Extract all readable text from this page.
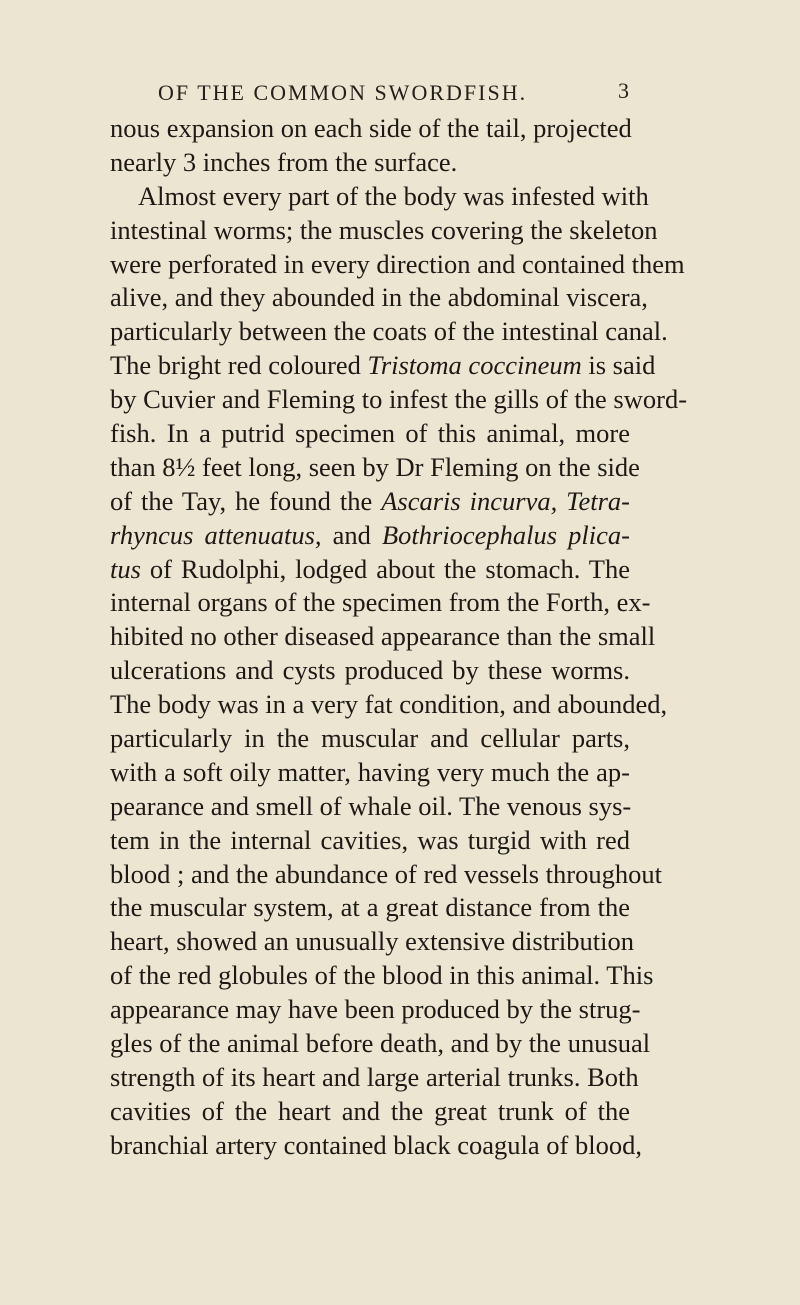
OF THE COMMON SWORDFISH.	3
nous expansion on each side of the tail, projected
nearly 3 inches from the surface.
Almost every part of the body was infested with
intestinal worms; the muscles covering the skeleton
were perforated in every direction and contained them
alive, and they abounded in the abdominal viscera,
particularly between the coats of the intestinal canal.
The bright red coloured Tristoma coccineum is said
by Cuvier and Fleming to infest the gills of the sword-
fish. In a putrid specimen of this animal, more
than 8½ feet long, seen by Dr Fleming on the side
of the Tay, he found the Ascaris incurva, Tetra-
rhyncus attenuatus, and Bothriocephalus plica-
tus of Rudolphi, lodged about the stomach. The
internal organs of the specimen from the Forth, ex-
hibited no other diseased appearance than the small
ulcerations and cysts produced by these worms.
The body was in a very fat condition, and abounded,
particularly in the muscular and cellular parts,
with a soft oily matter, having very much the ap-
pearance and smell of whale oil. The venous sys-
tem in the internal cavities, was turgid with red
blood ; and the abundance of red vessels throughout
the muscular system, at a great distance from the
heart, showed an unusually extensive distribution
of the red globules of the blood in this animal. This
appearance may have been produced by the strug-
gles of the animal before death, and by the unusual
strength of its heart and large arterial trunks. Both
cavities of the heart and the great trunk of the
branchial artery contained black coagula of blood,
